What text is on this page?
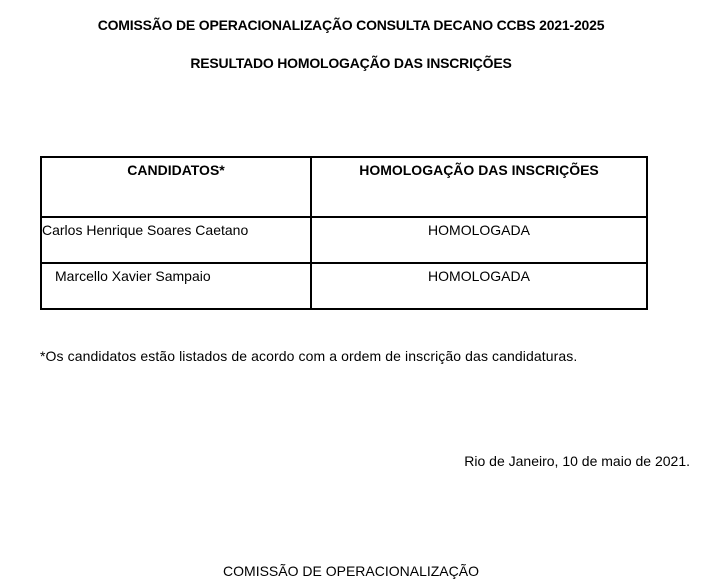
COMISSÃO DE OPERACIONALIZAÇÃO CONSULTA DECANO CCBS 2021-2025
RESULTADO HOMOLOGAÇÃO DAS INSCRIÇÕES
CANDIDATOS*	HOMOLOGAÇÃO DAS INSCRIÇÕES
Carlos Henrique Soares Caetano	HOMOLOGADA
Marcello Xavier Sampaio	HOMOLOGADA
*Os candidatos estão listados de acordo com a ordem de inscrição das candidaturas.
Rio de Janeiro, 10 de maio de 2021.
COMISSÃO DE OPERACIONALIZAÇÃO
